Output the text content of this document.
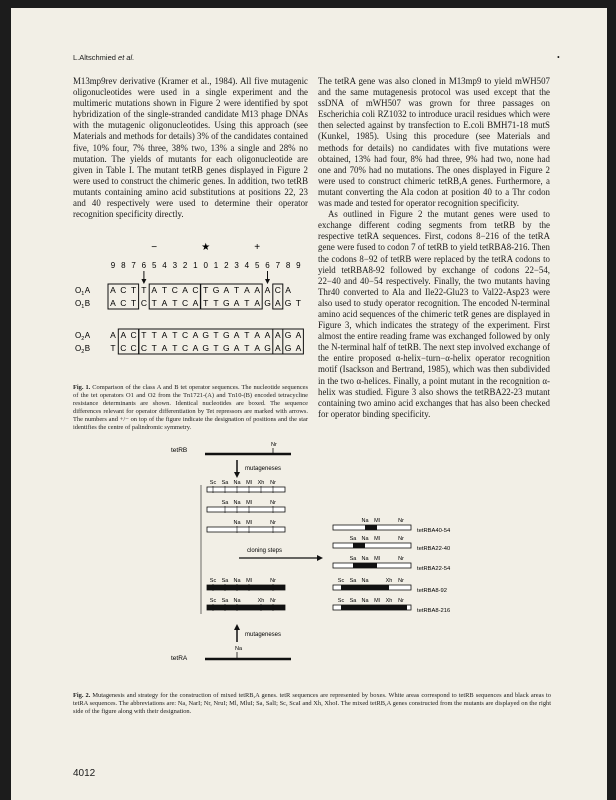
L.Altschmied et al.	•

M13mp9rev derivative (Kramer et al., 1984). All five mutagenic oligonucleotides were used in a single experiment and the multimeric mutations shown in Figure 2 were identified by spot hybridization of the single-stranded candidate M13 phage DNAs with the mutagenic oligonucleotides. Using this approach (see Materials and methods for details) 3% of the candidates contained five, 10% four, 7% three, 38% two, 13% a single and 28% no mutation. The yields of mutants for each oligonucleotide are given in Table I. The mutant tetRB genes displayed in Figure 2 were used to construct the chimeric genes. In addition, two tetRB mutants containing amino acid substitutions at positions 22, 23 and 40 respectively were used to determine their operator recognition specificity directly.

The tetRA gene was also cloned in M13mp9 to yield mWH507 and the same mutagenesis protocol was used except that the ssDNA of mWH507 was grown for three passages on Escherichia coli RZ1032 to introduce uracil residues which were then selected against by transfection to E.coli BMH71-18 mutS (Kunkel, 1985). Using this procedure (see Materials and methods for details) no candidates with five mutations were obtained, 13% had four, 8% had three, 9% had two, none had one and 70% had no mutations. The ones displayed in Figure 2 were used to construct chimeric tetRB,A genes. Furthermore, a mutant converting the Ala codon at position 40 to a Thr codon was made and tested for operator recognition specificity.

As outlined in Figure 2 the mutant genes were used to exchange different coding segments from tetRB by the respective tetRA sequences. First, codons 8−216 of the tetRA gene were fused to codon 7 of tetRB to yield tetRBA8-216. Then the codons 8−92 of tetRB were replaced by the tetRA codons to yield tetRBA8-92 followed by exchange of codons 22−54, 22−40 and 40−54 respectively. Finally, the two mutants having Thr40 converted to Ala and Ile22-Glu23 to Val22-Asp23 were also used to study operator recognition. The encoded N-terminal amino acid sequences of the chimeric tetR genes are displayed in Figure 3, which indicates the strategy of the experiment. First almost the entire reading frame was exchanged followed by only the N-terminal half of tetRB. The next step involved exchange of the entire proposed α-helix−turn−α-helix operator recognition motif (Isackson and Bertrand, 1985), which was then subdivided in the two α-helices. Finally, a point mutant in the recognition α-helix was studied. Figure 3 also shows the tetRBA22-23 mutant containing two amino acid exchanges that has also been checked for operator binding specificity.

−	★	+
9 8 7 6 5 4 3 2 1 0 1 2 3 4 5 6 7 8 9
$O_1A$ A C T T A T C A C T G A T A A A C A
$O_1B$ A C T C T A T C A T T G A T A G A G T
$O_2A$ A A C T T A T C A G T G A T A A A G A
$O_2B$ T C C C T A T C A G T G A T A G A G A
Fig. 1. Comparison of the class A and B tet operator sequences. The nucleotide sequences of the tet operators O1 and O2 from the Tn1721-(A) and Tn10-(B) encoded tetracycline resistance determinants are shown. Identical nucleotides are boxed. The sequence differences relevant for operator differentiation by Tet repressors are marked with arrows. The numbers and +/− on top of the figure indicate the designation of positions and the star identifies the centre of palindromic symmetry.
tetRB
Nr
mutageneses
Sc Sa Na Ml Xh Nr
Sa Na Ml	Nr
Na Ml	Nr
Sc Sa Na Ml	Nr
Sc Sa Na	Xh Nr
cloning steps
mutageneses
Na
tetRA
Na Ml	Nr
tetRBA40-54
Sa Na Ml	Nr
tetRBA22-40
Sa Na Ml	Nr
tetRBA22-54
Sc Sa Na	Xh Nr
tetRBA8-92
Sc Sa Na Ml Xh Nr
tetRBA8-216
Fig. 2. Mutagenesis and strategy for the construction of mixed tetRB,A genes. tetR sequences are represented by boxes. White areas correspond to tetRB sequences and black areas to tetRA sequences. The abbreviations are: Na, NarI; Nr, NruI; Ml, MluI; Sa, SalI; Sc, ScaI and Xh, XhoI. The mixed tetRB,A genes constructed from the mutants are displayed on the right side of the figure along with their designation.
4012
